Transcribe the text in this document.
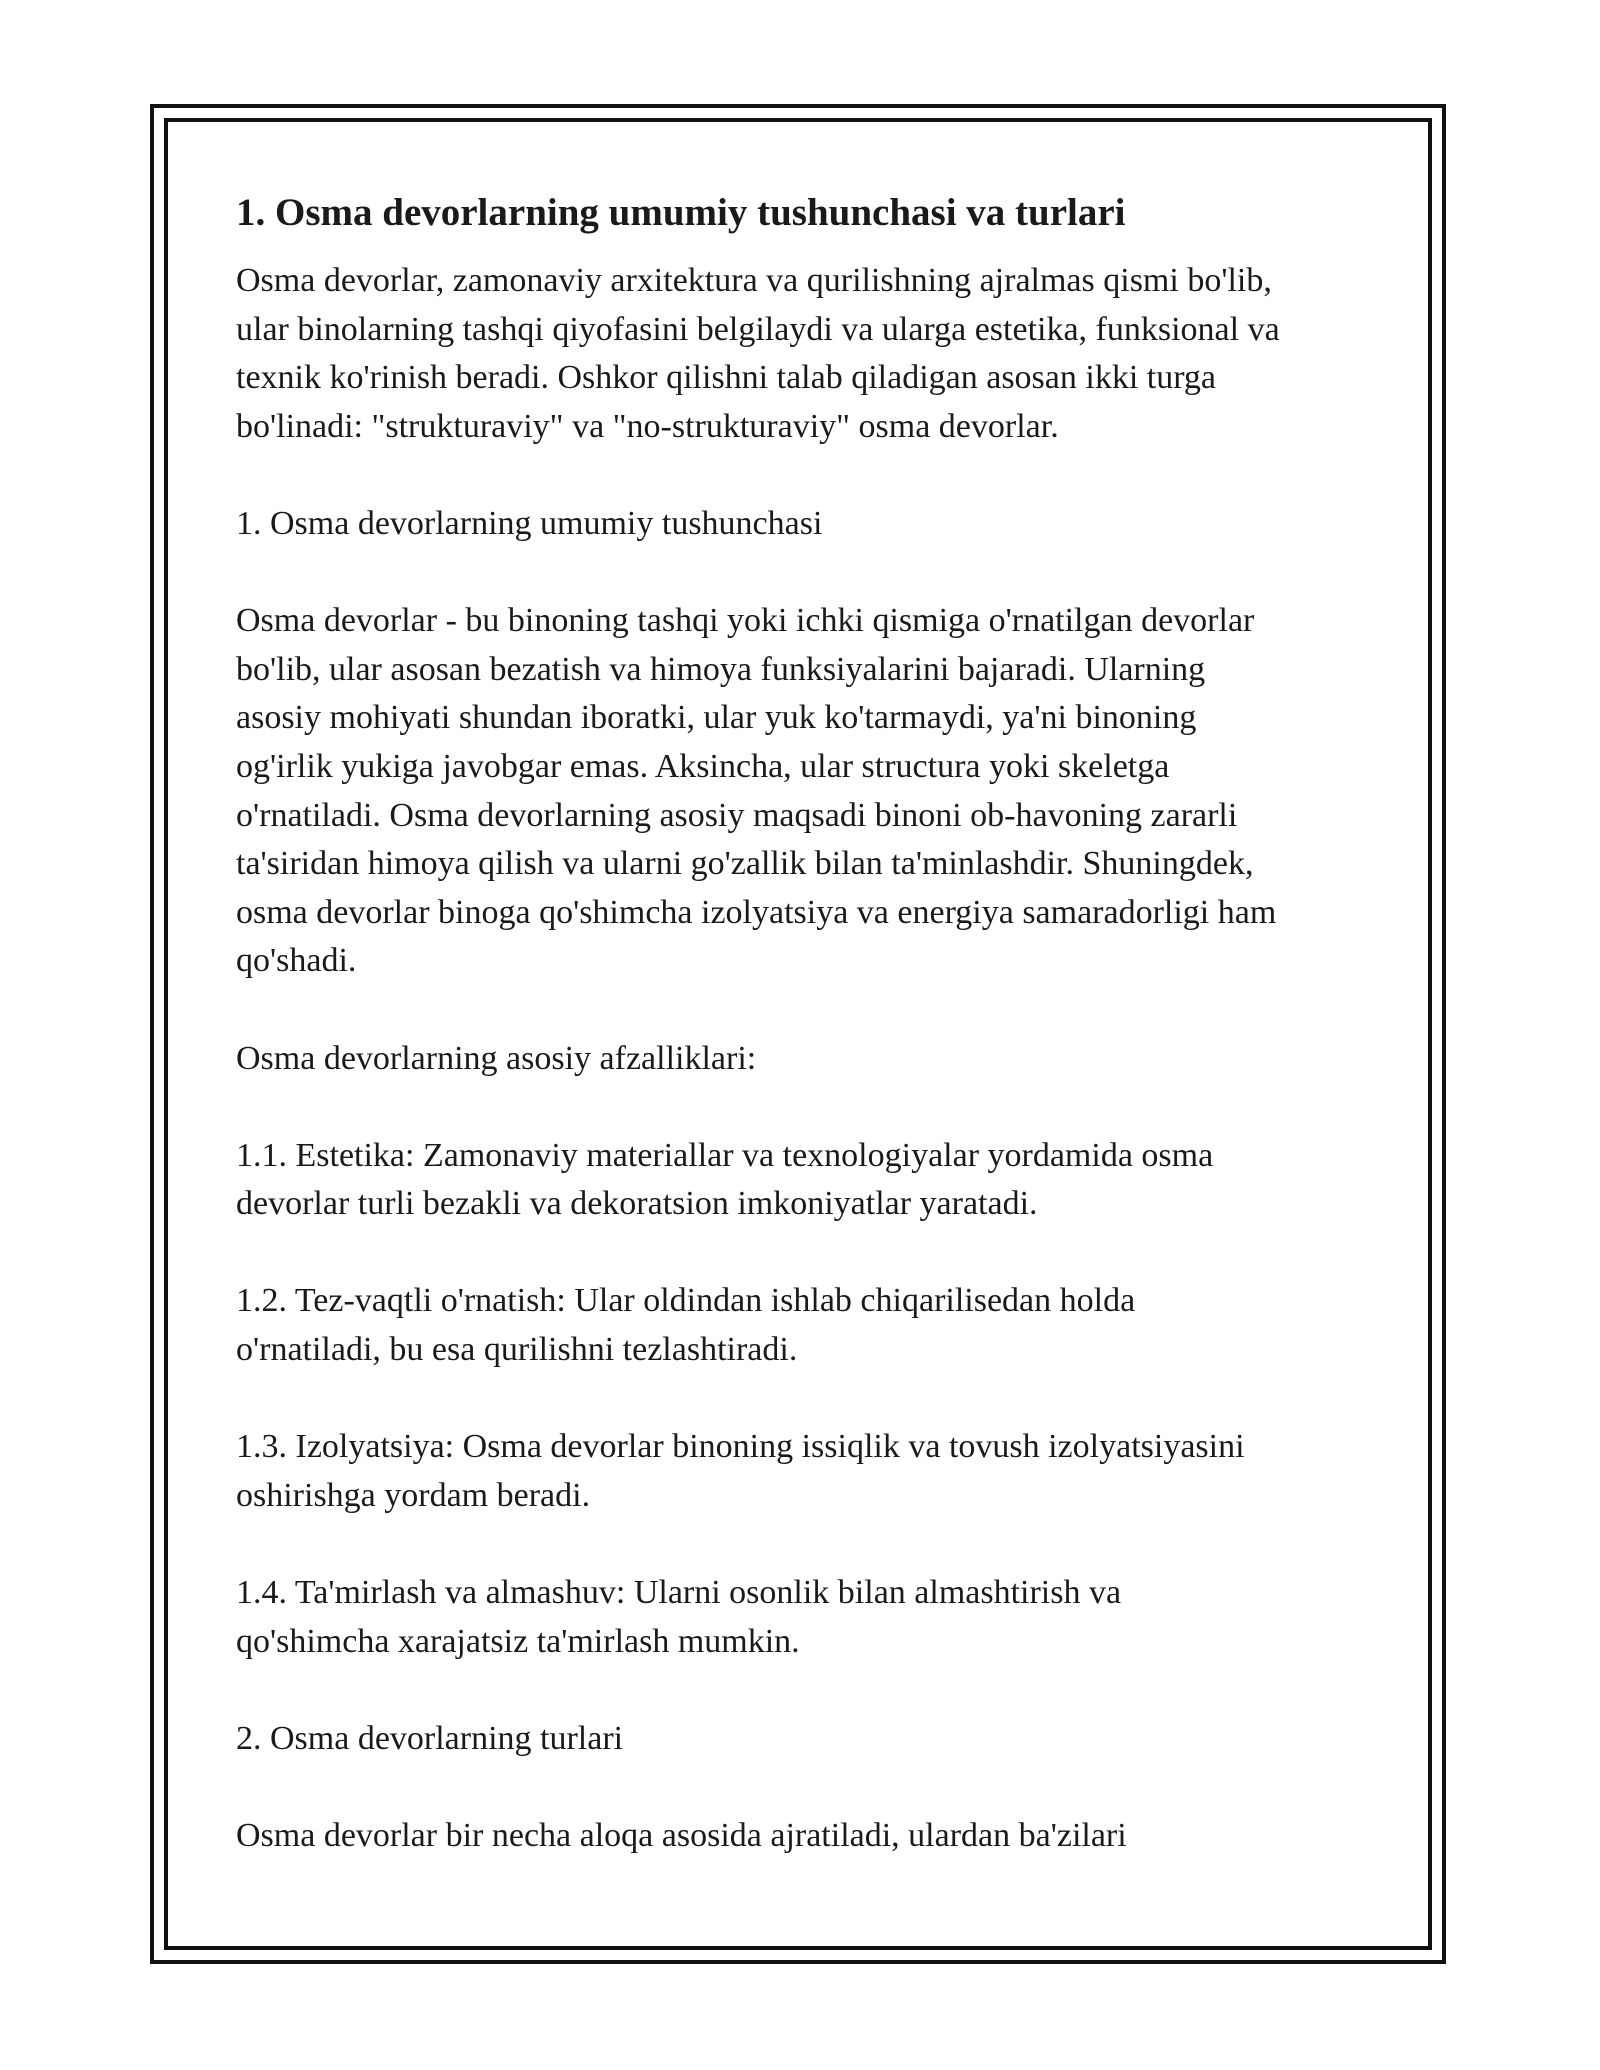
1. Osma devorlarning umumiy tushunchasi va turlari
Osma devorlar, zamonaviy arxitektura va qurilishning ajralmas qismi bo'lib,
ular binolarning tashqi qiyofasini belgilaydi va ularga estetika, funksional va
texnik ko'rinish beradi. Oshkor qilishni talab qiladigan asosan ikki turga
bo'linadi: "strukturaviy" va "no-strukturaviy" osma devorlar.
1. Osma devorlarning umumiy tushunchasi
Osma devorlar - bu binoning tashqi yoki ichki qismiga o'rnatilgan devorlar
bo'lib, ular asosan bezatish va himoya funksiyalarini bajaradi. Ularning
asosiy mohiyati shundan iboratki, ular yuk ko'tarmaydi, ya'ni binoning
og'irlik yukiga javobgar emas. Aksincha, ular structura yoki skeletga
o'rnatiladi. Osma devorlarning asosiy maqsadi binoni ob-havoning zararli
ta'siridan himoya qilish va ularni go'zallik bilan ta'minlashdir. Shuningdek,
osma devorlar binoga qo'shimcha izolyatsiya va energiya samaradorligi ham
qo'shadi.
Osma devorlarning asosiy afzalliklari:
1.1. Estetika: Zamonaviy materiallar va texnologiyalar yordamida osma
devorlar turli bezakli va dekoratsion imkoniyatlar yaratadi.
1.2. Tez-vaqtli o'rnatish: Ular oldindan ishlab chiqarilisedan holda
o'rnatiladi, bu esa qurilishni tezlashtiradi.
1.3. Izolyatsiya: Osma devorlar binoning issiqlik va tovush izolyatsiyasini
oshirishga yordam beradi.
1.4. Ta'mirlash va almashuv: Ularni osonlik bilan almashtirish va
qo'shimcha xarajatsiz ta'mirlash mumkin.
2. Osma devorlarning turlari
Osma devorlar bir necha aloqa asosida ajratiladi, ulardan ba'zilari
